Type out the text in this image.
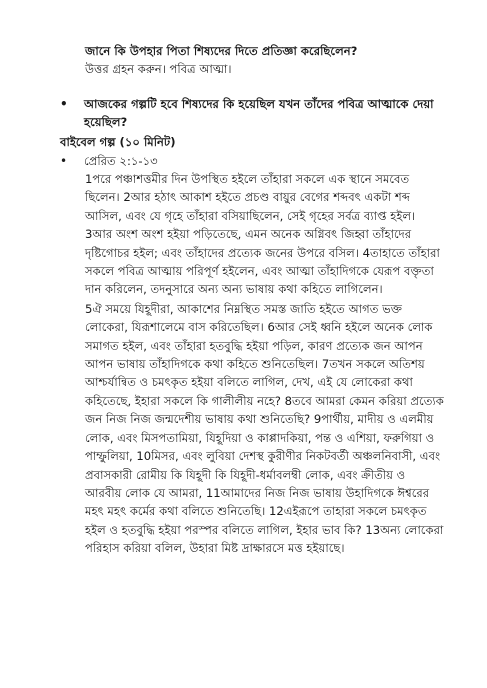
জানে কি উপহার পিতা শিষ্যদের দিতে প্রতিজ্ঞা করেছিলেন?
উত্তর গ্রহন করুন। পবিত্র আত্মা।
•	আজকের গল্পটি হবে শিষ্যদের কি হয়েছিল যখন তাঁদের পবিত্র আত্মাকে দেয়া হয়েছিল?
বাইবেল গল্প (১০ মিনিট)
•	প্রেরিত ২:১-১৩

1পরে পঞ্চাশত্তমীর দিন উপস্থিত হইলে তাঁহারা সকলে এক স্থানে সমবেত ছিলেন। 2আর হঠাৎ আকাশ হইতে প্রচণ্ড বায়ুর বেগের শব্দবৎ একটা শব্দ আসিল, এবং যে গৃহে তাঁহারা বসিয়াছিলেন, সেই গৃহের সর্বত্র ব্যাপ্ত হইল। 3আর অংশ অংশ হইয়া পড়িতেছে, এমন অনেক অগ্নিবৎ জিহ্বা তাঁহাদের দৃষ্টিগোচর হইল; এবং তাঁহাদের প্রত্যেক জনের উপরে বসিল। 4তাহাতে তাঁহারা সকলে পবিত্র আত্মায় পরিপূর্ণ হইলেন, এবং আত্মা তাঁহাদিগকে যেরূপ বক্তৃতা দান করিলেন, তদনুসারে অন্য অন্য ভাষায় কথা কহিতে লাগিলেন।

5ঐ সময়ে যিহূদীরা, আকাশের নিম্নস্থিত সমস্ত জাতি হইতে আগত ভক্ত লোকেরা, যিরূশালেমে বাস করিতেছিল। 6আর সেই ধ্বনি হইলে অনেক লোক সমাগত হইল, এবং তাঁহারা হতবুদ্ধি হইয়া পড়িল, কারণ প্রত্যেক জন আপন আপন ভাষায় তাঁহাদিগকে কথা কহিতে শুনিতেছিল। 7তখন সকলে অতিশয় আশ্চর্যান্বিত ও চমৎকৃত হইয়া বলিতে লাগিল, দেখ, এই যে লোকেরা কথা কহিতেছে, ইহারা সকলে কি গালীলীয় নহে? 8তবে আমরা কেমন করিয়া প্রত্যেক জন নিজ নিজ জন্মদেশীয় ভাষায় কথা শুনিতেছি? 9পার্থীয়, মাদীয় ও এলমীয় লোক, এবং মিসপতামিয়া, যিহূদিয়া ও কাপ্পাদকিয়া, পন্ত ও এশিয়া, ফরুগিয়া ও পাম্ফুলিয়া, 10মিসর, এবং লুবিয়া দেশস্থ কুরীণীর নিকটবর্তী অঞ্চলনিবাসী, এবং প্রবাসকারী রোমীয় কি যিহূদী কি যিহূদী-ধর্মাবলম্বী লোক, এবং ক্রীতীয় ও আরবীয় লোক যে আমরা, 11আমাদের নিজ নিজ ভাষায় উহাদিগকে ঈশ্বরের মহৎ মহৎ কর্মের কথা বলিতে শুনিতেছি। 12এইরূপে তাহারা সকলে চমৎকৃত হইল ও হতবুদ্ধি হইয়া পরস্পর বলিতে লাগিল, ইহার ভাব কি? 13অন্য লোকেরা পরিহাস করিয়া বলিল, উহারা মিষ্ট দ্রাক্ষারসে মত্ত হইয়াছে।
